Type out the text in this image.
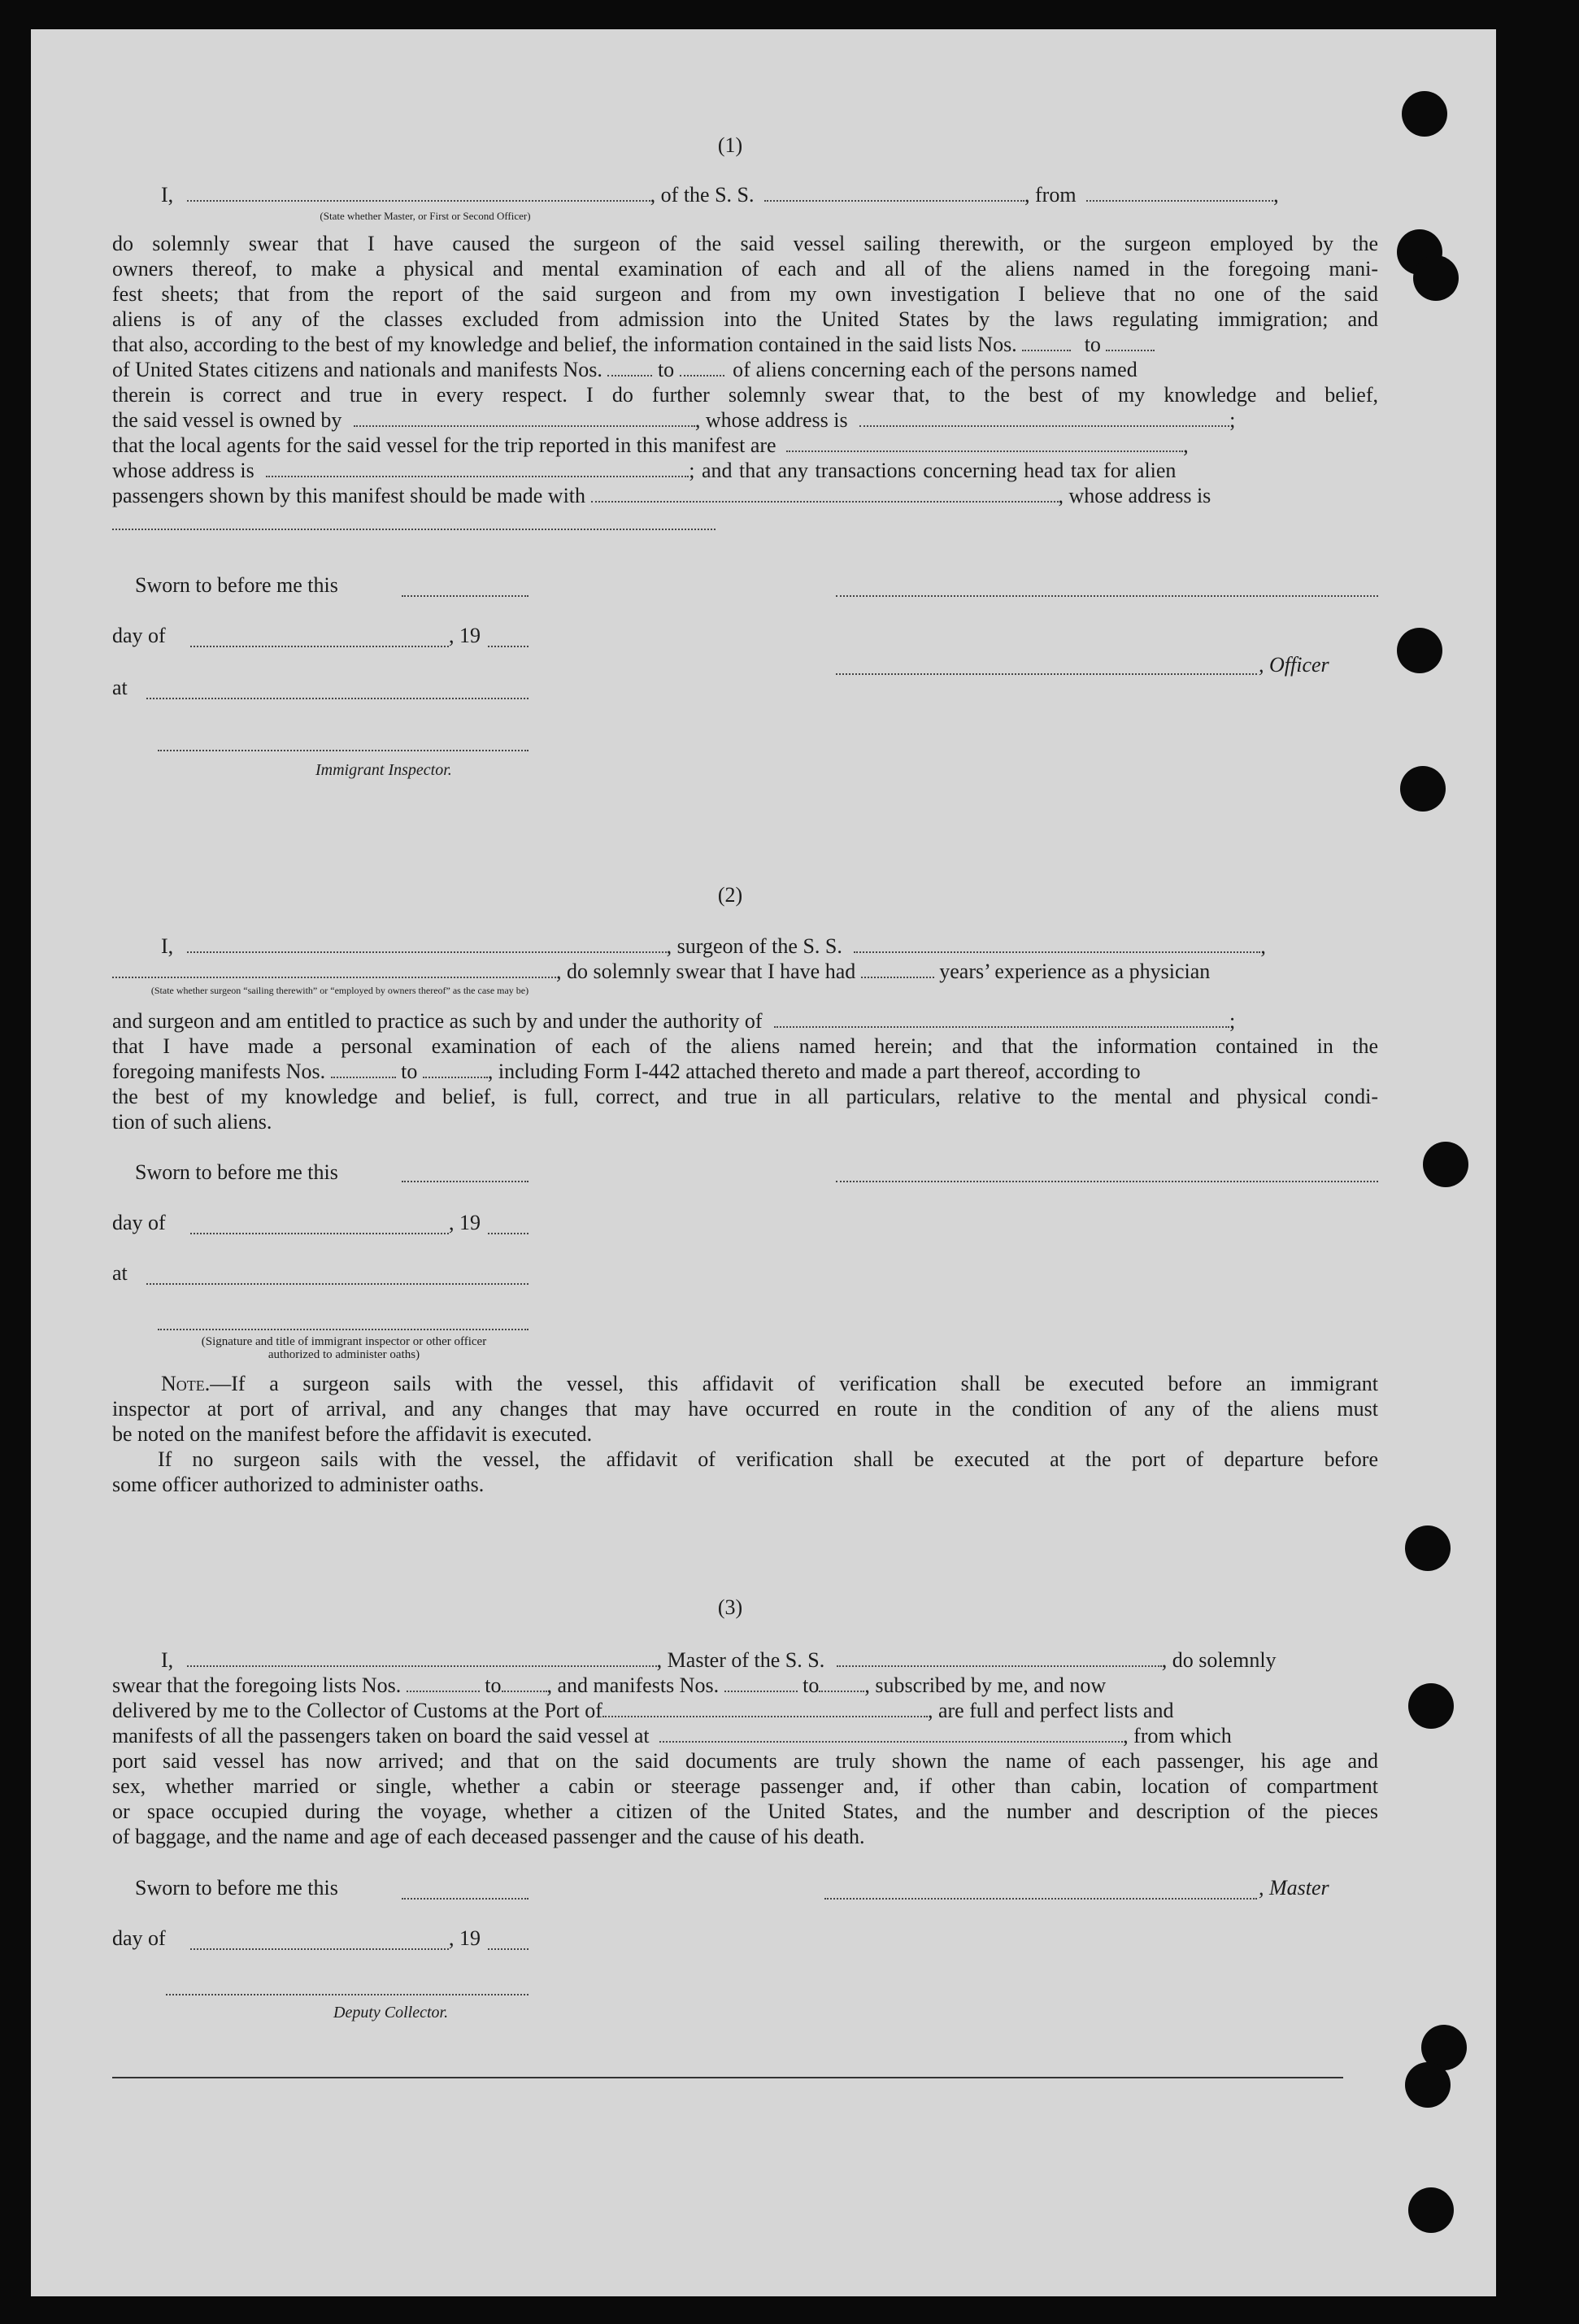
(1)
I,	, of the S. S.	, from	,
(State whether Master, or First or Second Officer)
do solemnly swear that I have caused the surgeon of the said vessel sailing therewith, or the surgeon employed by the
owners thereof, to make a physical and mental examination of each and all of the aliens named in the foregoing mani-
fest sheets; that from the report of the said surgeon and from my own investigation I believe that no one of the said
aliens is of any of the classes excluded from admission into the United States by the laws regulating immigration; and
that also, according to the best of my knowledge and belief, the information contained in the said lists Nos.	to
of United States citizens and nationals and manifests Nos.	to	of aliens concerning each of the persons named
therein is correct and true in every respect. I do further solemnly swear that, to the best of my knowledge and belief,
the said vessel is owned by	, whose address is	;
that the local agents for the said vessel for the trip reported in this manifest are	,
whose address is	; and that any transactions concerning head tax for alien
passengers shown by this manifest should be made with	, whose address is
Sworn to before me this
day of	, 19
, Officer
at
Immigrant Inspector.
(2)
I,	, surgeon of the S. S.	,
, do solemnly swear that I have had	years’ experience as a physician
(State whether surgeon “sailing therewith” or “employed by owners thereof” as the case may be)
and surgeon and am entitled to practice as such by and under the authority of	;
that I have made a personal examination of each of the aliens named herein; and that the information contained in the
foregoing manifests Nos.	to	, including Form I-442 attached thereto and made a part thereof, according to
the best of my knowledge and belief, is full, correct, and true in all particulars, relative to the mental and physical condi-
tion of such aliens.
Sworn to before me this
day of	, 19
at
(Signature and title of immigrant inspector or other officer authorized to administer oaths)
Note.—If a surgeon sails with the vessel, this affidavit of verification shall be executed before an immigrant
inspector at port of arrival, and any changes that may have occurred en route in the condition of any of the aliens must
be noted on the manifest before the affidavit is executed.
If no surgeon sails with the vessel, the affidavit of verification shall be executed at the port of departure before
some officer authorized to administer oaths.
(3)
I,	, Master of the S. S.	, do solemnly
swear that the foregoing lists Nos.	to , and manifests Nos.	to , subscribed by me, and now
delivered by me to the Collector of Customs at the Port of	, are full and perfect lists and
manifests of all the passengers taken on board the said vessel at	, from which
port said vessel has now arrived; and that on the said documents are truly shown the name of each passenger, his age and
sex, whether married or single, whether a cabin or steerage passenger and, if other than cabin, location of compartment
or space occupied during the voyage, whether a citizen of the United States, and the number and description of the pieces
of baggage, and the name and age of each deceased passenger and the cause of his death.
Sworn to before me this	, Master
day of	, 19
Deputy Collector.
